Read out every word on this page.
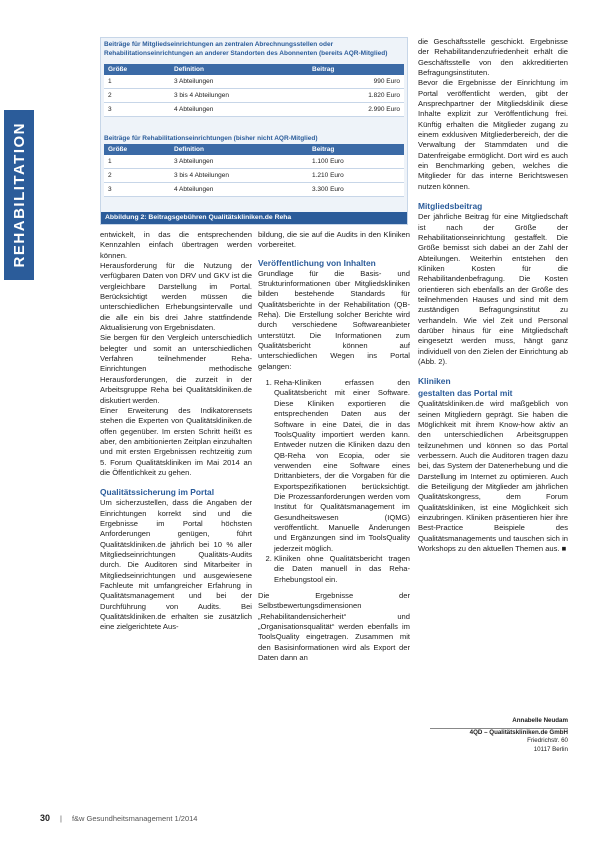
REHABILITATION
Beiträge für Mitgliedseinrichtungen an zentralen Abrechnungsstellen oder Rehabilitationseinrichtungen an anderer Standorten des Abonnenten (bereits AQR-Mitglied)
Größe	Definition	Beitrag
1	3 Abteilungen	990 Euro
2	3 bis 4 Abteilungen	1.820 Euro
3	4 Abteilungen	2.990 Euro
Beiträge für Rehabilitationseinrichtungen (bisher nicht AQR-Mitglied)
Größe	Definition	Beitrag
1	3 Abteilungen	1.100 Euro
2	3 bis 4 Abteilungen	1.210 Euro
3	4 Abteilungen	3.300 Euro
Abbildung 2: Beitragsgebühren Qualitätskliniken.de Reha

entwickelt, in das die entsprechenden Kennzahlen einfach übertragen werden können.

Herausforderung für die Nutzung der verfügbaren Daten von DRV und GKV ist die vergleichbare Darstellung im Portal. Berücksichtigt werden müssen die unterschiedlichen Erhebungsintervalle und die alle ein bis drei Jahre stattfindende Aktualisierung von Ergebnisdaten.

Sie bergen für den Vergleich unterschiedlich belegter und somit an unterschiedlichen Verfahren teilnehmender Reha-Einrichtungen methodische Herausforderungen, die zurzeit in der Arbeitsgruppe Reha bei Qualitätskliniken.de diskutiert werden.

Einer Erweiterung des Indikatorensets stehen die Experten von Qualitätskliniken.de offen gegenüber. Im ersten Schritt heißt es aber, den ambitionierten Zeitplan einzuhalten und mit ersten Ergebnissen rechtzeitig zum 5. Forum Qualitätskliniken im Mai 2014 an die Öffentlichkeit zu gehen.

Qualitätssicherung im Portal

Um sicherzustellen, dass die Angaben der Einrichtungen korrekt sind und die Ergebnisse im Portal höchsten Anforderungen genügen, führt Qualitätskliniken.de jährlich bei 10 % aller Mitgliedseinrichtungen Qualitäts-Audits durch. Die Auditoren sind Mitarbeiter in Mitgliedseinrichtungen und ausgewiesene Fachleute mit umfangreicher Erfahrung in Qualitätsmanagement und bei der Durchführung von Audits. Bei Qualitätskliniken.de erhalten sie zusätzlich eine zielgerichtete Aus-

bildung, die sie auf die Audits in den Kliniken vorbereitet.

Veröffentlichung von Inhalten

Grundlage für die Basis- und Strukturinformationen über Mitgliedskliniken bilden bestehende Standards für Qualitätsberichte in der Rehabilitation (QB-Reha). Die Erstellung solcher Berichte wird durch verschiedene Softwareanbieter unterstützt. Die Informationen zum Qualitätsbericht können auf unterschiedlichen Wegen ins Portal gelangen:

1. Reha-Kliniken erfassen den Qualitätsbericht mit einer Software. Diese Kliniken exportieren die entsprechenden Daten aus der Software in eine Datei, die in das ToolsQuality importiert werden kann. Entweder nutzen die Kliniken dazu den QB-Reha von Ecopia, oder sie verwenden eine Software eines Drittanbieters, der die Vorgaben für die Exportspezifikationen berücksichtigt. Die Prozessanforderungen werden vom Institut für Qualitätsmanagement im Gesundheitswesen (IQMG) veröffentlicht. Manuelle Änderungen und Ergänzungen sind im ToolsQuality jederzeit möglich.
2. Kliniken ohne Qualitätsbericht tragen die Daten manuell in das Reha-Erhebungstool ein.

Die Ergebnisse der Selbstbewertungsdimensionen „Rehabilitandensicherheit“ und „Organisationsqualität“ werden ebenfalls im ToolsQuality eingetragen. Zusammen mit den Basisinformationen wird als Export der Daten dann an

die Geschäftsstelle geschickt. Ergebnisse der Rehabilitandenzufriedenheit erhält die Geschäftsstelle von den akkreditierten Befragungsinstituten.

Bevor die Ergebnisse der Einrichtung im Portal veröffentlicht werden, gibt der Ansprechpartner der Mitgliedsklinik diese Inhalte explizit zur Veröffentlichung frei. Künftig erhalten die Mitglieder zugang zu einem exklusiven Mitgliederbereich, der die Verwaltung der Stammdaten und die Datenfreigabe ermöglicht. Dort wird es auch ein Benchmarking geben, welches die Mitglieder für das interne Berichtswesen nutzen können.

Mitgliedsbeitrag

Der jährliche Beitrag für eine Mitgliedschaft ist nach der Größe der Rehabilitationseinrichtung gestaffelt. Die Größe bemisst sich dabei an der Zahl der Abteilungen. Weiterhin entstehen den Kliniken Kosten für die Rehabilitandenbefragung. Die Kosten orientieren sich ebenfalls an der Größe des teilnehmenden Hauses und sind mit dem zuständigen Befragungsinstitut zu verhandeln. Wie viel Zeit und Personal darüber hinaus für eine Mitgliedschaft eingesetzt werden muss, hängt ganz individuell von den Zielen der Einrichtung ab (Abb. 2).

Kliniken
gestalten das Portal mit

Qualitätskliniken.de wird maßgeblich von seinen Mitgliedern geprägt. Sie haben die Möglichkeit mit ihrem Know-how aktiv an den unterschiedlichen Arbeitsgruppen teilzunehmen und können so das Portal verbessern. Auch die Auditoren tragen dazu bei, das System der Datenerhebung und die Darstellung im Internet zu optimieren. Auch die Beteiligung der Mitglieder am jährlichen Qualitätskongress, dem Forum Qualitätskliniken, ist eine Möglichkeit sich einzubringen. Kliniken präsentieren hier ihre Best-Practice Beispiele des Qualitätsmanagements und tauschen sich in Workshops zu den aktuellen Themen aus. ■

Annabelle Neudam
4QD – Qualitätskliniken.de GmbH
Friedrichstr. 60
10117 Berlin
30 | f&w Gesundheitsmanagement 1/2014
